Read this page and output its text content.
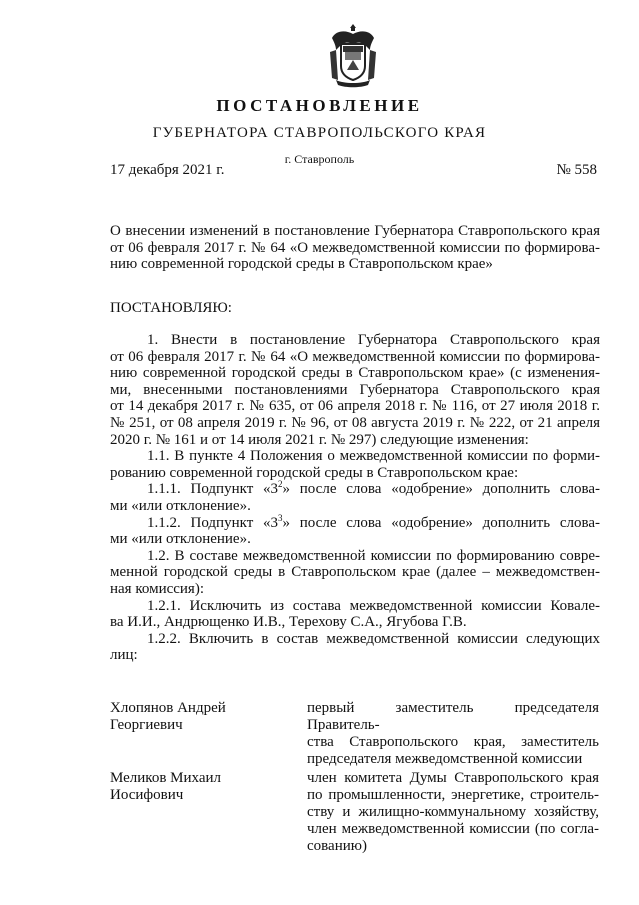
ПОСТАНОВЛЕНИЕ
ГУБЕРНАТОРА СТАВРОПОЛЬСКОГО КРАЯ
г. Ставрополь
17 декабря 2021 г.	№ 558

О внесении изменений в постановление Губернатора Ставропольского края

от 06 февраля 2017 г. № 64 «О межведомственной комиссии по формирова-

нию современной городской среды в Ставропольском крае»

ПОСТАНОВЛЯЮ:

1. Внести в постановление Губернатора Ставропольского края

от 06 февраля 2017 г. № 64 «О межведомственной комиссии по формирова-

нию современной городской среды в Ставропольском крае» (с изменения-

ми, внесенными постановлениями Губернатора Ставропольского края

от 14 декабря 2017 г. № 635, от 06 апреля 2018 г. № 116, от 27 июля 2018 г.

№ 251, от 08 апреля 2019 г. № 96, от 08 августа 2019 г. № 222, от 21 апреля

2020 г. № 161 и от 14 июля 2021 г. № 297) следующие изменения:

1.1. В пункте 4 Положения о межведомственной комиссии по форми-

рованию современной городской среды в Ставропольском крае:

1.1.1. Подпункт «$3^2$» после слова «одобрение» дополнить слова-

ми «или отклонение».

1.1.2. Подпункт «$3^3$» после слова «одобрение» дополнить слова-

ми «или отклонение».

1.2. В составе межведомственной комиссии по формированию совре-

менной городской среды в Ставропольском крае (далее – межведомствен-

ная комиссия):

1.2.1. Исключить из состава межведомственной комиссии Ковале-

ва И.И., Андрющенко И.В., Терехову С.А., Ягубова Г.В.

1.2.2. Включить в состав межведомственной комиссии следующих

лиц:

Хлопянов Андрей
Георгиевич

первый заместитель председателя Правитель-

ства Ставропольского края, заместитель

председателя межведомственной комиссии

Меликов Михаил
Иосифович

член комитета Думы Ставропольского края

по промышленности, энергетике, строитель-

ству и жилищно-коммунальному хозяйству,

член межведомственной комиссии (по согла-

сованию)
